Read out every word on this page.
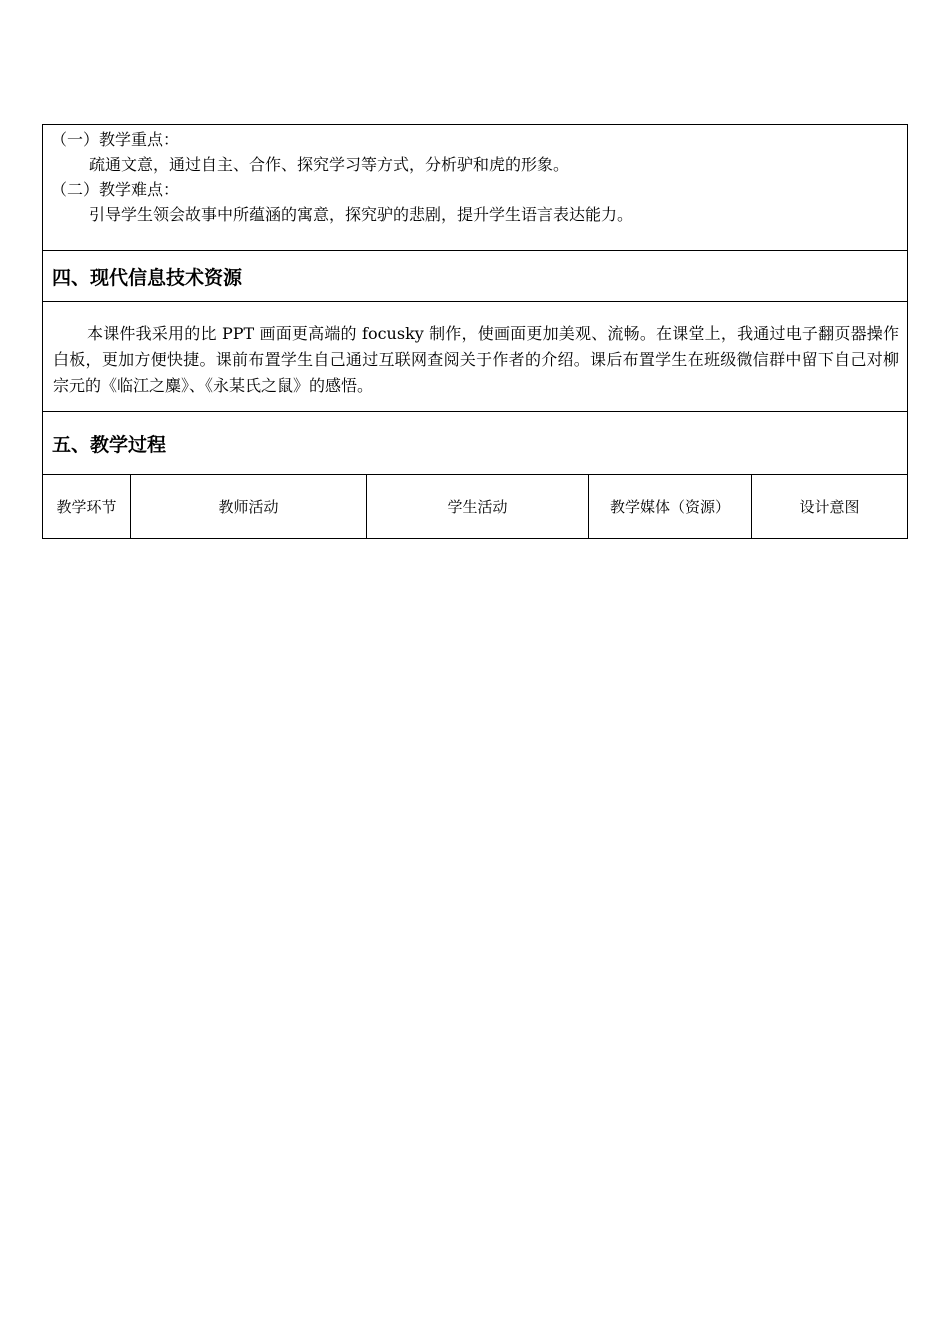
（一）教学重点：
疏通文意，通过自主、合作、探究学习等方式，分析驴和虎的形象。
（二）教学难点：
引导学生领会故事中所蕴涵的寓意，探究驴的悲剧，提升学生语言表达能力。
四、现代信息技术资源

本课件我采用的比 PPT 画面更高端的 focusky 制作，使画面更加美观、流畅。在课堂上，我通过电子翻页器操作白板，更加方便快捷。课前布置学生自己通过互联网查阅关于作者的介绍。课后布置学生在班级微信群中留下自己对柳宗元的《临江之麋》、《永某氏之鼠》的感悟。

五、教学过程
教学环节	教师活动	学生活动	教学媒体（资源）	设计意图
